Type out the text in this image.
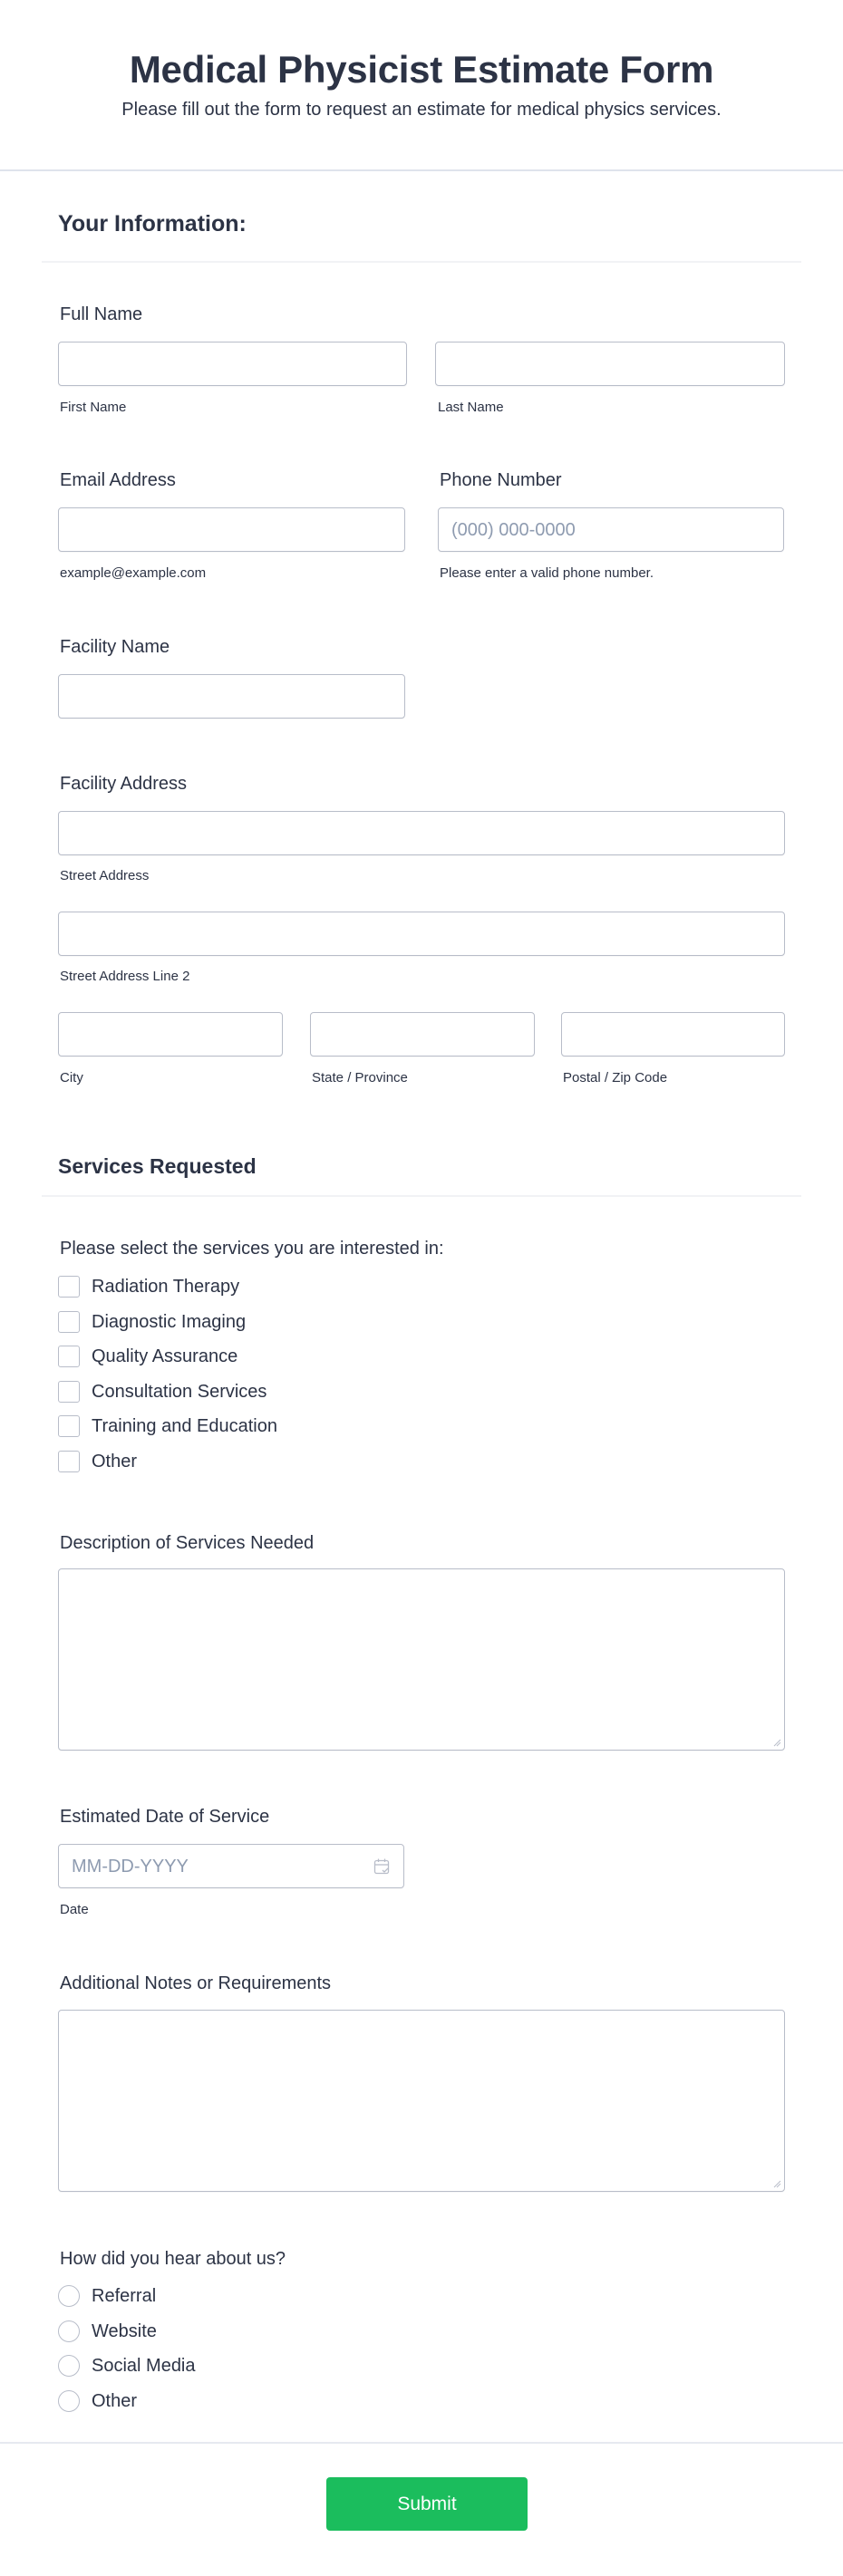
Medical Physicist Estimate Form
Please fill out the form to request an estimate for medical physics services.
Your Information:
Full Name
First Name	Last Name
Email Address
example@example.com
Phone Number
(000) 000-0000
Please enter a valid phone number.
Facility Name
Facility Address
Street Address
Street Address Line 2
City	State / Province	Postal / Zip Code
Services Requested
Please select the services you are interested in:
Radiation Therapy
Diagnostic Imaging
Quality Assurance
Consultation Services
Training and Education
Other
Description of Services Needed
Estimated Date of Service
MM-DD-YYYY
Date
Additional Notes or Requirements
How did you hear about us?
Referral
Website
Social Media
Other
Submit
